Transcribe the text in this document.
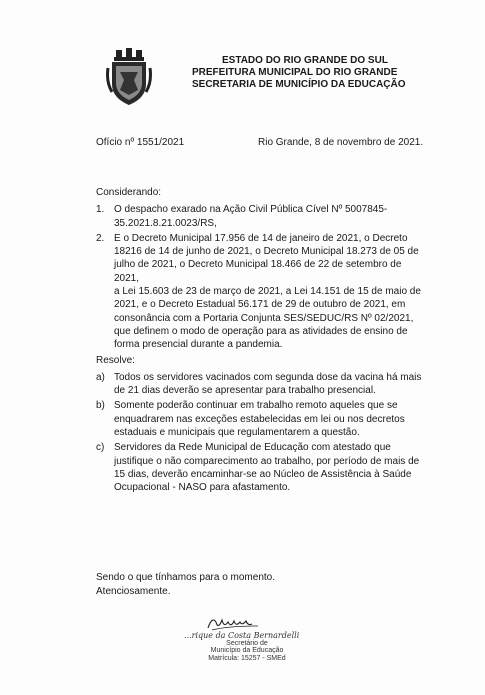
ESTADO DO RIO GRANDE DO SUL
PREFEITURA MUNICIPAL DO RIO GRANDE
SECRETARIA DE MUNICÍPIO DA EDUCAÇÃO
Ofício nº 1551/2021	Rio Grande, 8 de novembro de 2021.
Considerando:
1. O despacho exarado na Ação Civil Pública Cível Nº 5007845-
35.2021.8.21.0023/RS,
2. E o Decreto Municipal 17.956 de 14 de janeiro de 2021, o Decreto
18216 de 14 de junho de 2021, o Decreto Municipal 18.273 de 05 de
julho de 2021, o Decreto Municipal 18.466 de 22 de setembro de 2021,
a Lei 15.603 de 23 de março de 2021, a Lei 14.151 de 15 de maio de
2021, e o Decreto Estadual 56.171 de 29 de outubro de 2021, em
consonância com a Portaria Conjunta SES/SEDUC/RS Nº 02/2021,
que definem o modo de operação para as atividades de ensino de
forma presencial durante a pandemia.
Resolve:
a) Todos os servidores vacinados com segunda dose da vacina há mais
de 21 dias deverão se apresentar para trabalho presencial.
b) Somente poderão continuar em trabalho remoto aqueles que se
enquadrarem nas exceções estabelecidas em lei ou nos decretos
estaduais e municipais que regulamentarem a questão.
c) Servidores da Rede Municipal de Educação com atestado que
justifique o não comparecimento ao trabalho, por período de mais de
15 dias, deverão encaminhar-se ao Núcleo de Assistência à Saúde
Ocupacional - NASO para afastamento.
Sendo o que tínhamos para o momento.
Atenciosamente.
...rique da Costa Bernardelli
Secretário de
Município da Educação
Matrícula: 15257 - SMEd
